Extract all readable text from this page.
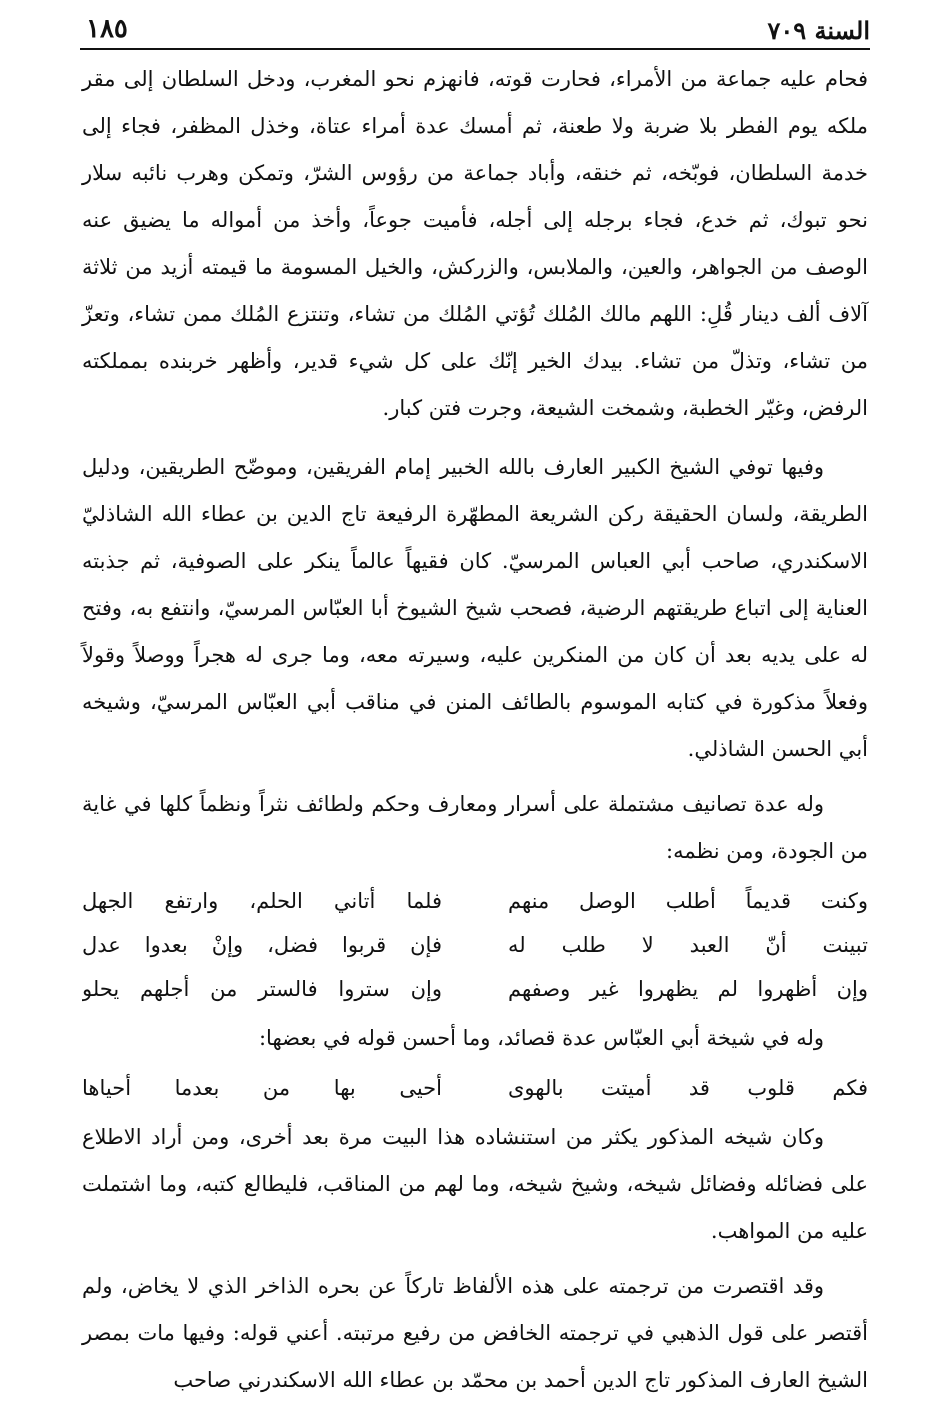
السنة ٧٠٩
١٨٥

فحام عليه جماعة من الأمراء، فحارت قوته، فانهزم نحو المغرب، ودخل السلطان إلى مقر ملكه يوم الفطر بلا ضربة ولا طعنة، ثم أمسك عدة أمراء عتاة، وخذل المظفر، فجاء إلى خدمة السلطان، فوبّخه، ثم خنقه، وأباد جماعة من رؤوس الشرّ، وتمكن وهرب نائبه سلار نحو تبوك، ثم خدع، فجاء برجله إلى أجله، فأميت جوعاً، وأخذ من أمواله ما يضيق عنه الوصف من الجواهر، والعين، والملابس، والزركش، والخيل المسومة ما قيمته أزيد من ثلاثة آلاف ألف دينار قُلِ: اللهم مالك المُلك تُؤتي المُلك من تشاء، وتنتزع المُلك ممن تشاء، وتعزّ من تشاء، وتذلّ من تشاء. بيدك الخير إنّك على كل شيء قدير، وأظهر خربنده بمملكته الرفض، وغيّر الخطبة، وشمخت الشيعة، وجرت فتن كبار.

وفيها توفي الشيخ الكبير العارف بالله الخبير إمام الفريقين، وموضّح الطريقين، ودليل الطريقة، ولسان الحقيقة ركن الشريعة المطهّرة الرفيعة تاج الدين بن عطاء الله الشاذليّ الاسكندري، صاحب أبي العباس المرسيّ. كان فقيهاً عالماً ينكر على الصوفية، ثم جذبته العناية إلى اتباع طريقتهم الرضية، فصحب شيخ الشيوخ أبا العبّاس المرسيّ، وانتفع به، وفتح له على يديه بعد أن كان من المنكرين عليه، وسيرته معه، وما جرى له هجراً ووصلاً وقولاً وفعلاً مذكورة في كتابه الموسوم بالطائف المنن في مناقب أبي العبّاس المرسيّ، وشيخه أبي الحسن الشاذلي.

وله عدة تصانيف مشتملة على أسرار ومعارف وحكم ولطائف نثراً ونظماً كلها في غاية من الجودة، ومن نظمه:

وكنت قديماً أطلب الوصل منهم
فلما أتاني الحلم، وارتفع الجهل
تبينت أنّ العبد لا طلب له
فإن قربوا فضل، وإنْ بعدوا عدل
وإن أظهروا لم يظهروا غير وصفهم
وإن ستروا فالستر من أجلهم يحلو

وله في شيخة أبي العبّاس عدة قصائد، وما أحسن قوله في بعضها:

فكم قلوب قد أميتت بالهوى
أحيى بها من بعدما أحياها

وكان شيخه المذكور يكثر من استنشاده هذا البيت مرة بعد أخرى، ومن أراد الاطلاع على فضائله وفضائل شيخه، وشيخ شيخه، وما لهم من المناقب، فليطالع كتبه، وما اشتملت عليه من المواهب.

وقد اقتصرت من ترجمته على هذه الألفاظ تاركاً عن بحره الذاخر الذي لا يخاض، ولم أقتصر على قول الذهبي في ترجمته الخافض من رفيع مرتبته. أعني قوله: وفيها مات بمصر الشيخ العارف المذكور تاج الدين أحمد بن محمّد بن عطاء الله الاسكندرني صاحب
